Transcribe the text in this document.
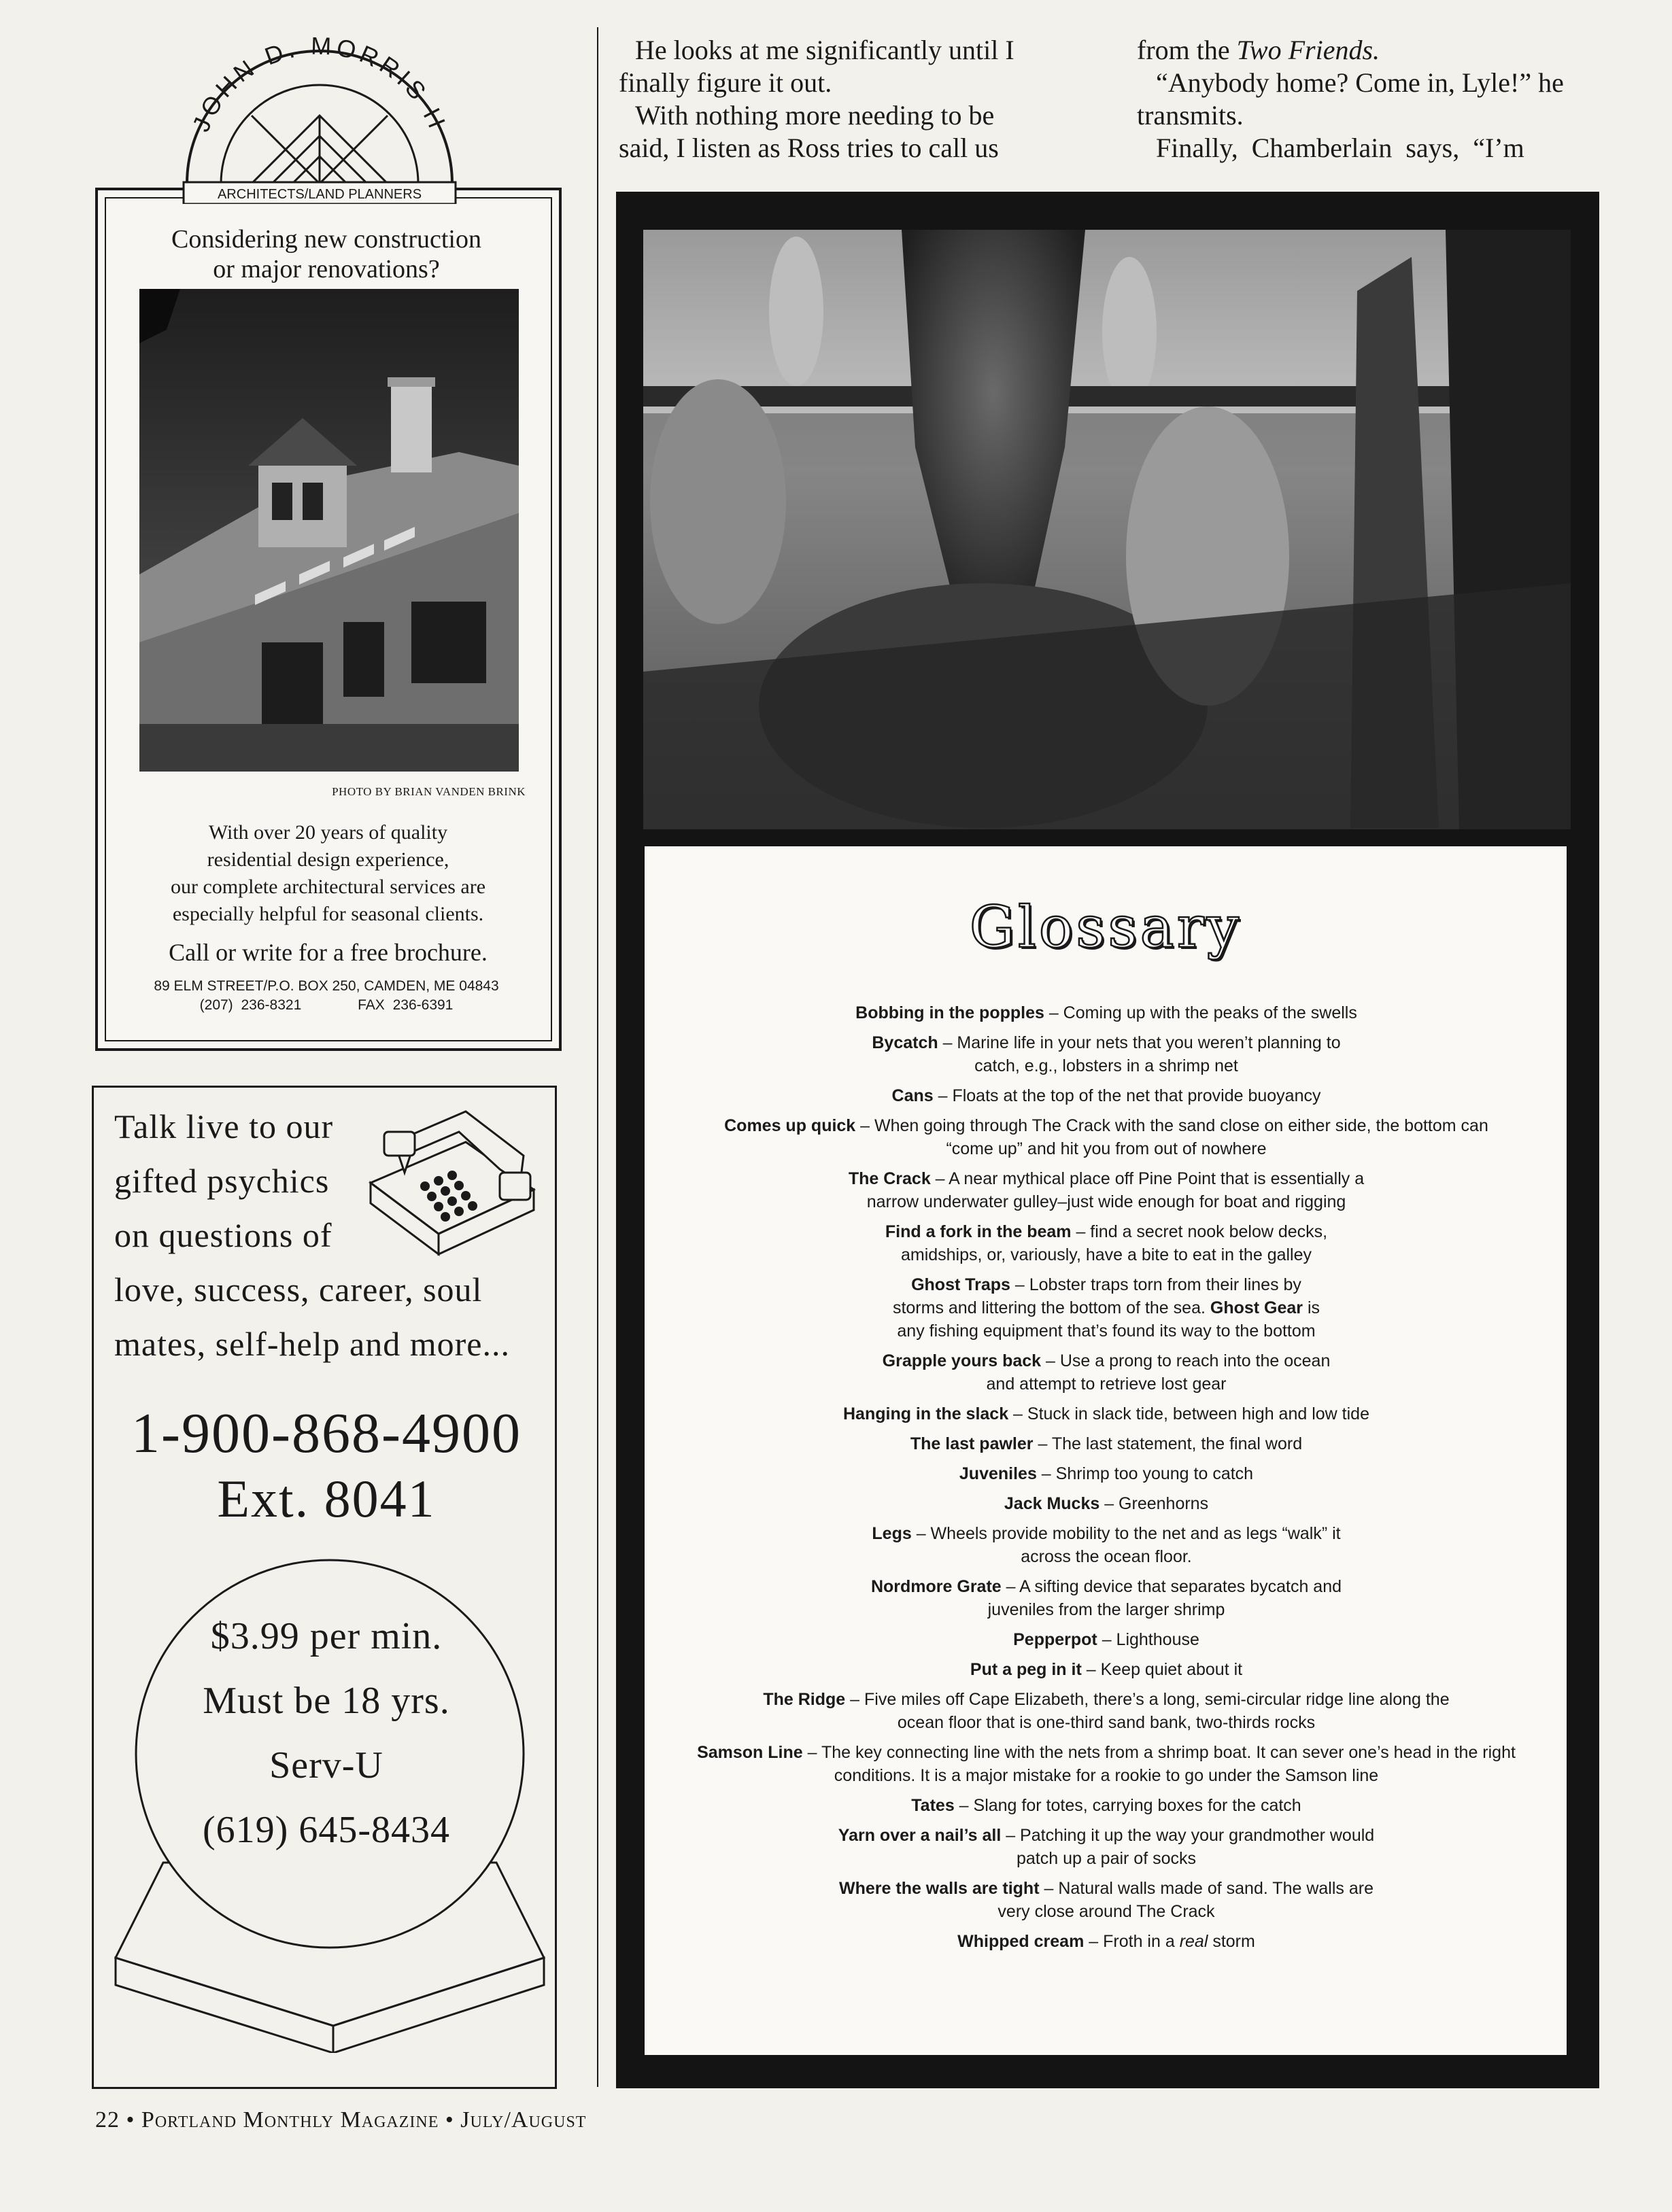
JOHN D. MORRIS II
ARCHITECTS/LAND PLANNERS
Considering new construction
or major renovations?
PHOTO BY BRIAN VANDEN BRINK
With over 20 years of quality
residential design experience,
our complete architectural services are
especially helpful for seasonal clients.
Call or write for a free brochure.
89 ELM STREET/P.O. BOX 250, CAMDEN, ME 04843
(207) 236-8321	FAX 236-6391
Talk live to our
gifted psychics
on questions of
love, success, career, soul
mates, self-help and more...
1-900-868-4900
Ext. 8041
$3.99 per min.
Must be 18 yrs.
Serv-U
(619) 645-8434
He looks at me significantly until I
finally figure it out.
With nothing more needing to be
said, I listen as Ross tries to call us
from the Two Friends.
“Anybody home? Come in, Lyle!” he
transmits.
Finally,  Chamberlain  says,  “I’m
Glossary
Bobbing in the popples – Coming up with the peaks of the swells
Bycatch – Marine life in your nets that you weren’t planning to catch, e.g., lobsters in a shrimp net
Cans – Floats at the top of the net that provide buoyancy
Comes up quick – When going through The Crack with the sand close on either side, the bottom can “come up” and hit you from out of nowhere
The Crack – A near mythical place off Pine Point that is essentially a narrow underwater gulley–just wide enough for boat and rigging
Find a fork in the beam – find a secret nook below decks, amidships, or, variously, have a bite to eat in the galley
Ghost Traps – Lobster traps torn from their lines by storms and littering the bottom of the sea. Ghost Gear is any fishing equipment that’s found its way to the bottom
Grapple yours back – Use a prong to reach into the ocean and attempt to retrieve lost gear
Hanging in the slack – Stuck in slack tide, between high and low tide
The last pawler – The last statement, the final word
Juveniles – Shrimp too young to catch
Jack Mucks – Greenhorns
Legs – Wheels provide mobility to the net and as legs “walk” it across the ocean floor.
Nordmore Grate – A sifting device that separates bycatch and juveniles from the larger shrimp
Pepperpot – Lighthouse
Put a peg in it – Keep quiet about it
The Ridge – Five miles off Cape Elizabeth, there’s a long, semi-circular ridge line along the ocean floor that is one-third sand bank, two-thirds rocks
Samson Line – The key connecting line with the nets from a shrimp boat. It can sever one’s head in the right conditions. It is a major mistake for a rookie to go under the Samson line
Tates – Slang for totes, carrying boxes for the catch
Yarn over a nail’s all – Patching it up the way your grandmother would patch up a pair of socks
Where the walls are tight – Natural walls made of sand. The walls are very close around The Crack
Whipped cream – Froth in a real storm
22 • Portland Monthly Magazine • July/August
